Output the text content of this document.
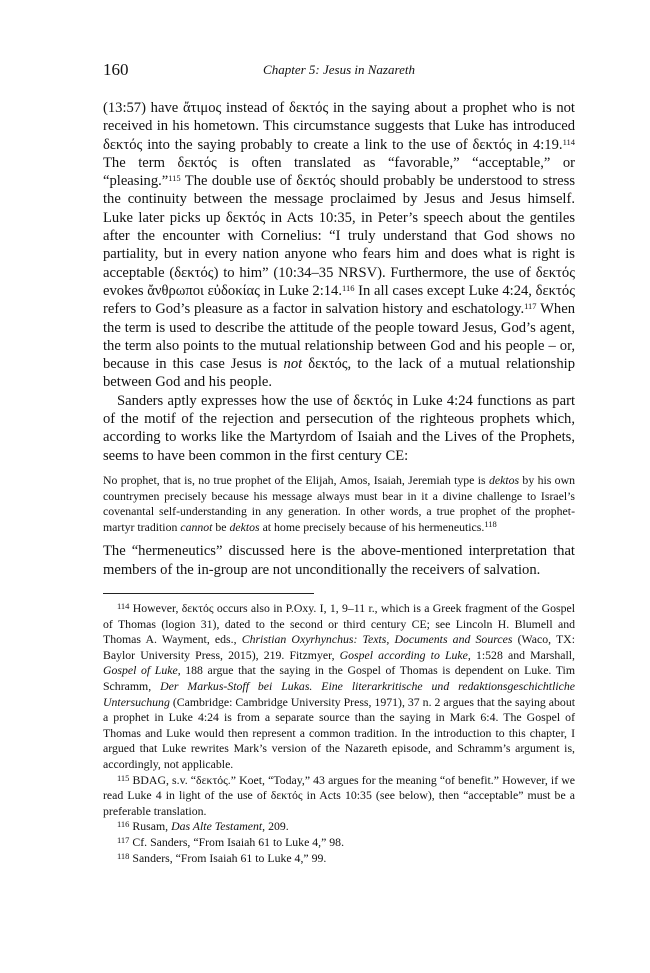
160	Chapter 5: Jesus in Nazareth

(13:57) have ἄτιμος instead of δεκτός in the saying about a prophet who is not received in his hometown. This circumstance suggests that Luke has introduced δεκτός into the saying probably to create a link to the use of δεκτός in 4:19.$^{114}$ The term δεκτός is often translated as “favorable,” “acceptable,” or “pleasing.”$^{115}$ The double use of δεκτός should probably be understood to stress the continuity between the message proclaimed by Jesus and Jesus himself. Luke later picks up δεκτός in Acts 10:35, in Peter’s speech about the gentiles after the encounter with Cornelius: “I truly understand that God shows no partiality, but in every nation anyone who fears him and does what is right is acceptable (δεκτός) to him” (10:34–35 NRSV). Furthermore, the use of δεκτός evokes ἄνθρωποι εὐδοκίας in Luke 2:14.$^{116}$ In all cases except Luke 4:24, δεκτός refers to God’s pleasure as a factor in salvation history and eschatology.$^{117}$ When the term is used to describe the attitude of the people toward Jesus, God’s agent, the term also points to the mutual relationship between God and his people – or, because in this case Jesus is not δεκτός, to the lack of a mutual relationship between God and his people.

Sanders aptly expresses how the use of δεκτός in Luke 4:24 functions as part of the motif of the rejection and persecution of the righteous prophets which, according to works like the Martyrdom of Isaiah and the Lives of the Prophets, seems to have been common in the first century CE:

No prophet, that is, no true prophet of the Elijah, Amos, Isaiah, Jeremiah type is dektos by his own countrymen precisely because his message always must bear in it a divine challenge to Israel’s covenantal self-understanding in any generation. In other words, a true prophet of the prophet-martyr tradition cannot be dektos at home precisely because of his hermeneutics.$^{118}$

The “hermeneutics” discussed here is the above-mentioned interpretation that members of the in-group are not unconditionally the receivers of salvation.

$^{114}$ However, δεκτός occurs also in P.Oxy. I, 1, 9–11 r., which is a Greek fragment of the Gospel of Thomas (logion 31), dated to the second or third century CE; see Lincoln H. Blumell and Thomas A. Wayment, eds., Christian Oxyrhynchus: Texts, Documents and Sources (Waco, TX: Baylor University Press, 2015), 219. Fitzmyer, Gospel according to Luke, 1:528 and Marshall, Gospel of Luke, 188 argue that the saying in the Gospel of Thomas is dependent on Luke. Tim Schramm, Der Markus-Stoff bei Lukas. Eine literarkritische und redaktionsgeschichtliche Untersuchung (Cambridge: Cambridge University Press, 1971), 37 n. 2 argues that the saying about a prophet in Luke 4:24 is from a separate source than the saying in Mark 6:4. The Gospel of Thomas and Luke would then represent a common tradition. In the introduction to this chapter, I argued that Luke rewrites Mark’s version of the Nazareth episode, and Schramm’s argument is, accordingly, not applicable.

$^{115}$ BDAG, s.v. “δεκτός.” Koet, “Today,” 43 argues for the meaning “of benefit.” However, if we read Luke 4 in light of the use of δεκτός in Acts 10:35 (see below), then “acceptable” must be a preferable translation.

$^{116}$ Rusam, Das Alte Testament, 209.

$^{117}$ Cf. Sanders, “From Isaiah 61 to Luke 4,” 98.

$^{118}$ Sanders, “From Isaiah 61 to Luke 4,” 99.
